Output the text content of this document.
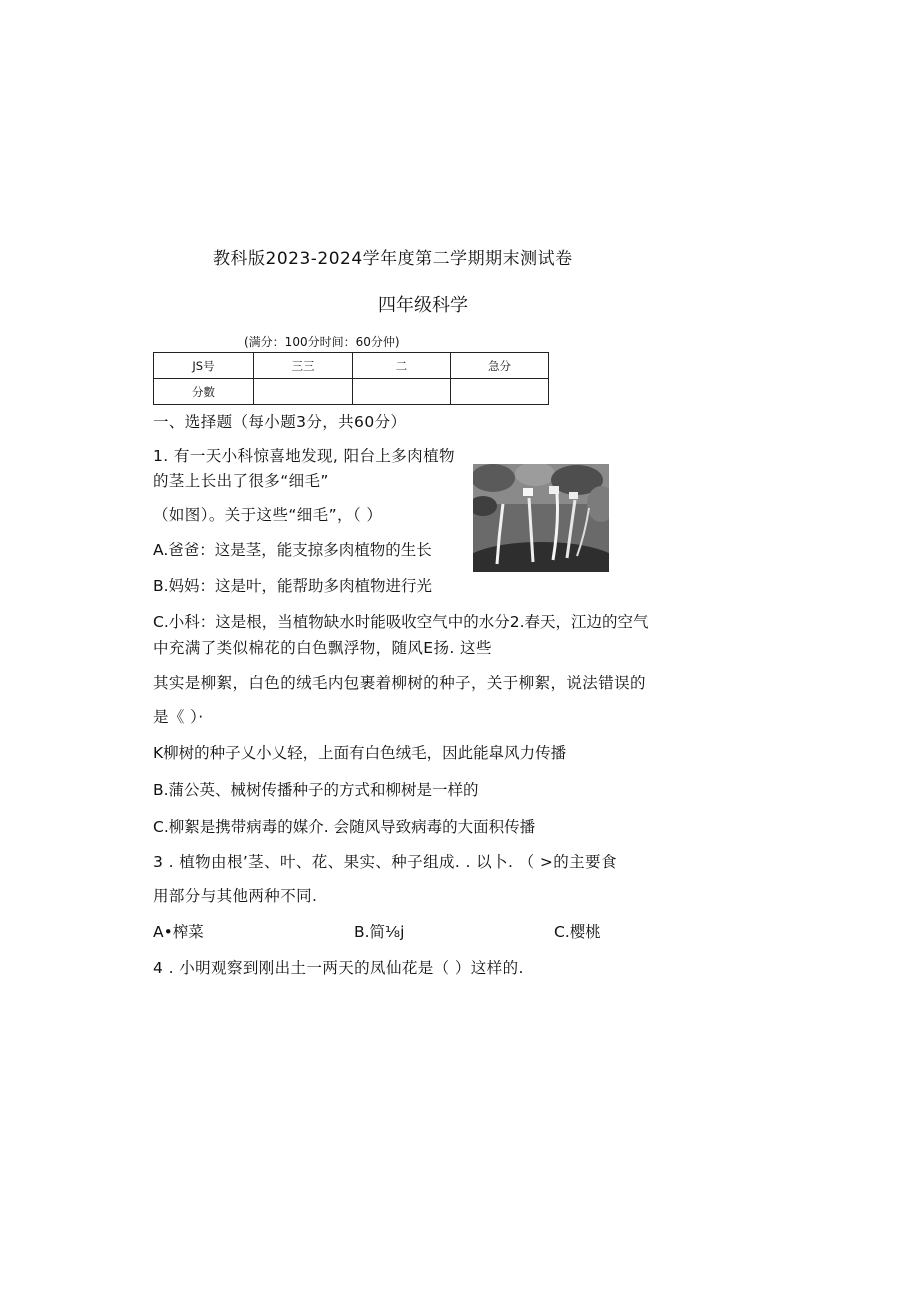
教科版2023-2024学年度第二学期期末测试卷
四年级科学
(满分：100分时间：60分仲)
JS号	三三	二	急分
分數			
一、选择题（每小题3分，共60分）
1. 有一天小科惊喜地发现, 阳台上多肉植物
的茎上长出了很多“细毛”
（如图）。关于这些“细毛”，（ ）
A.爸爸：这是茎，能支掠多肉植物的生长
B.妈妈：这是叶，能帮助多肉植物进行光
C.小科：这是根，当植物缺水时能吸收空气中的水分2.春天，江边的空气
中充满了类似棉花的白色飘浮物，随风E扬. 这些
其实是柳絮，白色的绒毛内包裹着柳树的种子，关于柳絮，说法错误的
是《 ）·
K柳树的种子乂小乂轻，上面有白色绒毛，因此能皐风力传播
B.蒲公英、械树传播种子的方式和柳树是一样的
C.柳絮是携带病毒的媒介. 会随风导致病毒的大面积传播
3 . 植物由根’茎、叶、花、果实、种子组成. . 以卜. （ >的主要食
用部分与其他两种不同.
A•榨菜	B.简⅛j	C.樱桃
4 . 小明观察到刚出土一两天的凤仙花是（ ）这样的.
